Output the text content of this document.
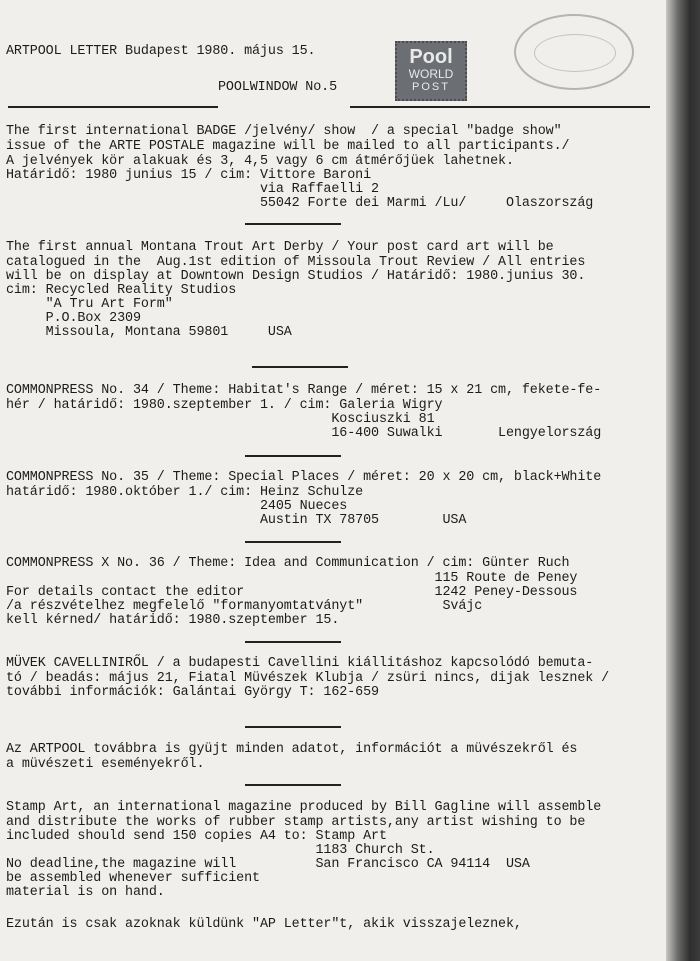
Pool
WORLD
POST
ARTPOOL LETTER Budapest 1980. május 15.
POOLWINDOW No.5
The first international BADGE /jelvény/ show  / a special "badge show"
issue of the ARTE POSTALE magazine will be mailed to all participants./
A jelvények kör alakuak és 3, 4,5 vagy 6 cm átmérőjüek lahetnek.
Határidő: 1980 junius 15 / cim: Vittore Baroni
via Raffaelli 2
55042 Forte dei Marmi /Lu/     Olaszország
The first annual Montana Trout Art Derby / Your post card art will be
catalogued in the  Aug.1st edition of Missoula Trout Review / All entries
will be on display at Downtown Design Studios / Határidő: 1980.junius 30.
cim: Recycled Reality Studios
"A Tru Art Form"
P.O.Box 2309
Missoula, Montana 59801     USA
COMMONPRESS No. 34 / Theme: Habitat's Range / méret: 15 x 21 cm, fekete-fe-
hér / határidő: 1980.szeptember 1. / cim: Galeria Wigry
Kosciuszki 81
16-400 Suwalki       Lengyelország
COMMONPRESS No. 35 / Theme: Special Places / méret: 20 x 20 cm, black+White
határidő: 1980.október 1./ cim: Heinz Schulze
2405 Nueces
Austin TX 78705        USA
COMMONPRESS X No. 36 / Theme: Idea and Communication / cim: Günter Ruch
115 Route de Peney
For details contact the editor                        1242 Peney-Dessous
/a részvételhez megfelelő "formanyomtatványt"          Svájc
kell kérned/ határidő: 1980.szeptember 15.
MÜVEK CAVELLINIRŐL / a budapesti Cavellini kiállitáshoz kapcsolódó bemuta-
tó / beadás: május 21, Fiatal Müvészek Klubja / zsüri nincs, dijak lesznek /
további információk: Galántai György T: 162-659
Az ARTPOOL továbbra is gyüjt minden adatot, információt a müvészekről és
a müvészeti eseményekről.
Stamp Art, an international magazine produced by Bill Gagline will assemble
and distribute the works of rubber stamp artists,any artist wishing to be
included should send 150 copies A4 to: Stamp Art
1183 Church St.
No deadline,the magazine will          San Francisco CA 94114  USA
be assembled whenever sufficient
material is on hand.
Ezután is csak azoknak küldünk "AP Letter"t, akik visszajeleznek,
